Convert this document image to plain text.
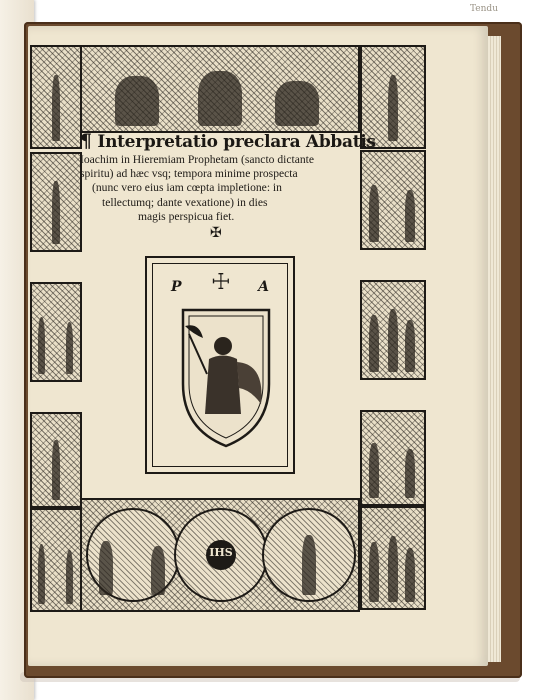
Tendu
¶ Interpretatio preclara Abbatis
Ioachim in Hieremiam Prophetam (sancto dictante
spiritu) ad hæc vsq; tempora minime prospecta
(nunc vero eius iam cœpta impletione: in
tellectumq; dante vexatione) in dies
magis perspicua fiet.
✠
P	A
☩
IHS
